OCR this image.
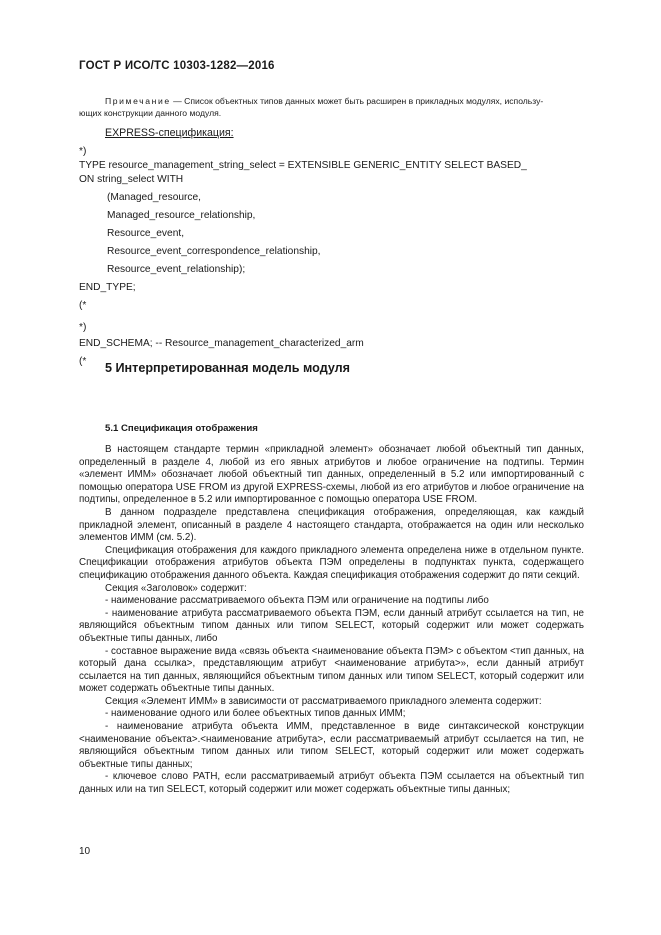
ГОСТ Р ИСО/ТС 10303-1282—2016
Примечание — Список объектных типов данных может быть расширен в прикладных модулях, использу-
ющих конструкции данного модуля.
EXPRESS-спецификация:
*)
TYPE resource_management_string_select = EXTENSIBLE GENERIC_ENTITY SELECT BASED_
ON string_select WITH
(Managed_resource,
Managed_resource_relationship,
Resource_event,
Resource_event_correspondence_relationship,
Resource_event_relationship);
END_TYPE;
(*
*)
END_SCHEMA; -- Resource_management_characterized_arm
(* 5 Интерпретированная модель модуля
5.1 Спецификация отображения

В настоящем стандарте термин «прикладной элемент» обозначает любой объектный тип данных, определенный в разделе 4, любой из его явных атрибутов и любое ограничение на подтипы. Термин «элемент ИММ» обозначает любой объектный тип данных, определенный в 5.2 или импортированный с помощью оператора USE FROM из другой EXPRESS-схемы, любой из его атрибутов и любое ограничение на подтипы, определенное в 5.2 или импортированное с помощью оператора USE FROM.

В данном подразделе представлена спецификация отображения, определяющая, как каждый прикладной элемент, описанный в разделе 4 настоящего стандарта, отображается на один или несколько элементов ИММ (см. 5.2).

Спецификация отображения для каждого прикладного элемента определена ниже в отдельном пункте. Спецификации отображения атрибутов объекта ПЭМ определены в подпунктах пункта, содержащего спецификацию отображения данного объекта. Каждая спецификация отображения содержит до пяти секций.

Секция «Заголовок» содержит:

- наименование рассматриваемого объекта ПЭМ или ограничение на подтипы либо

- наименование атрибута рассматриваемого объекта ПЭМ, если данный атрибут ссылается на тип, не являющийся объектным типом данных или типом SELECT, который содержит или может содержать объектные типы данных, либо

- составное выражение вида «связь объекта <наименование объекта ПЭМ> с объектом <тип данных, на который дана ссылка>, представляющим атрибут <наименование атрибута>», если данный атрибут ссылается на тип данных, являющийся объектным типом данных или типом SELECT, который содержит или может содержать объектные типы данных.

Секция «Элемент ИММ» в зависимости от рассматриваемого прикладного элемента содержит:

- наименование одного или более объектных типов данных ИММ;

- наименование атрибута объекта ИММ, представленное в виде синтаксической конструкции <наименование объекта>.<наименование атрибута>, если рассматриваемый атрибут ссылается на тип, не являющийся объектным типом данных или типом SELECT, который содержит или может содержать объектные типы данных;

- ключевое слово PATH, если рассматриваемый атрибут объекта ПЭМ ссылается на объектный тип данных или на тип SELECT, который содержит или может содержать объектные типы данных;

10
